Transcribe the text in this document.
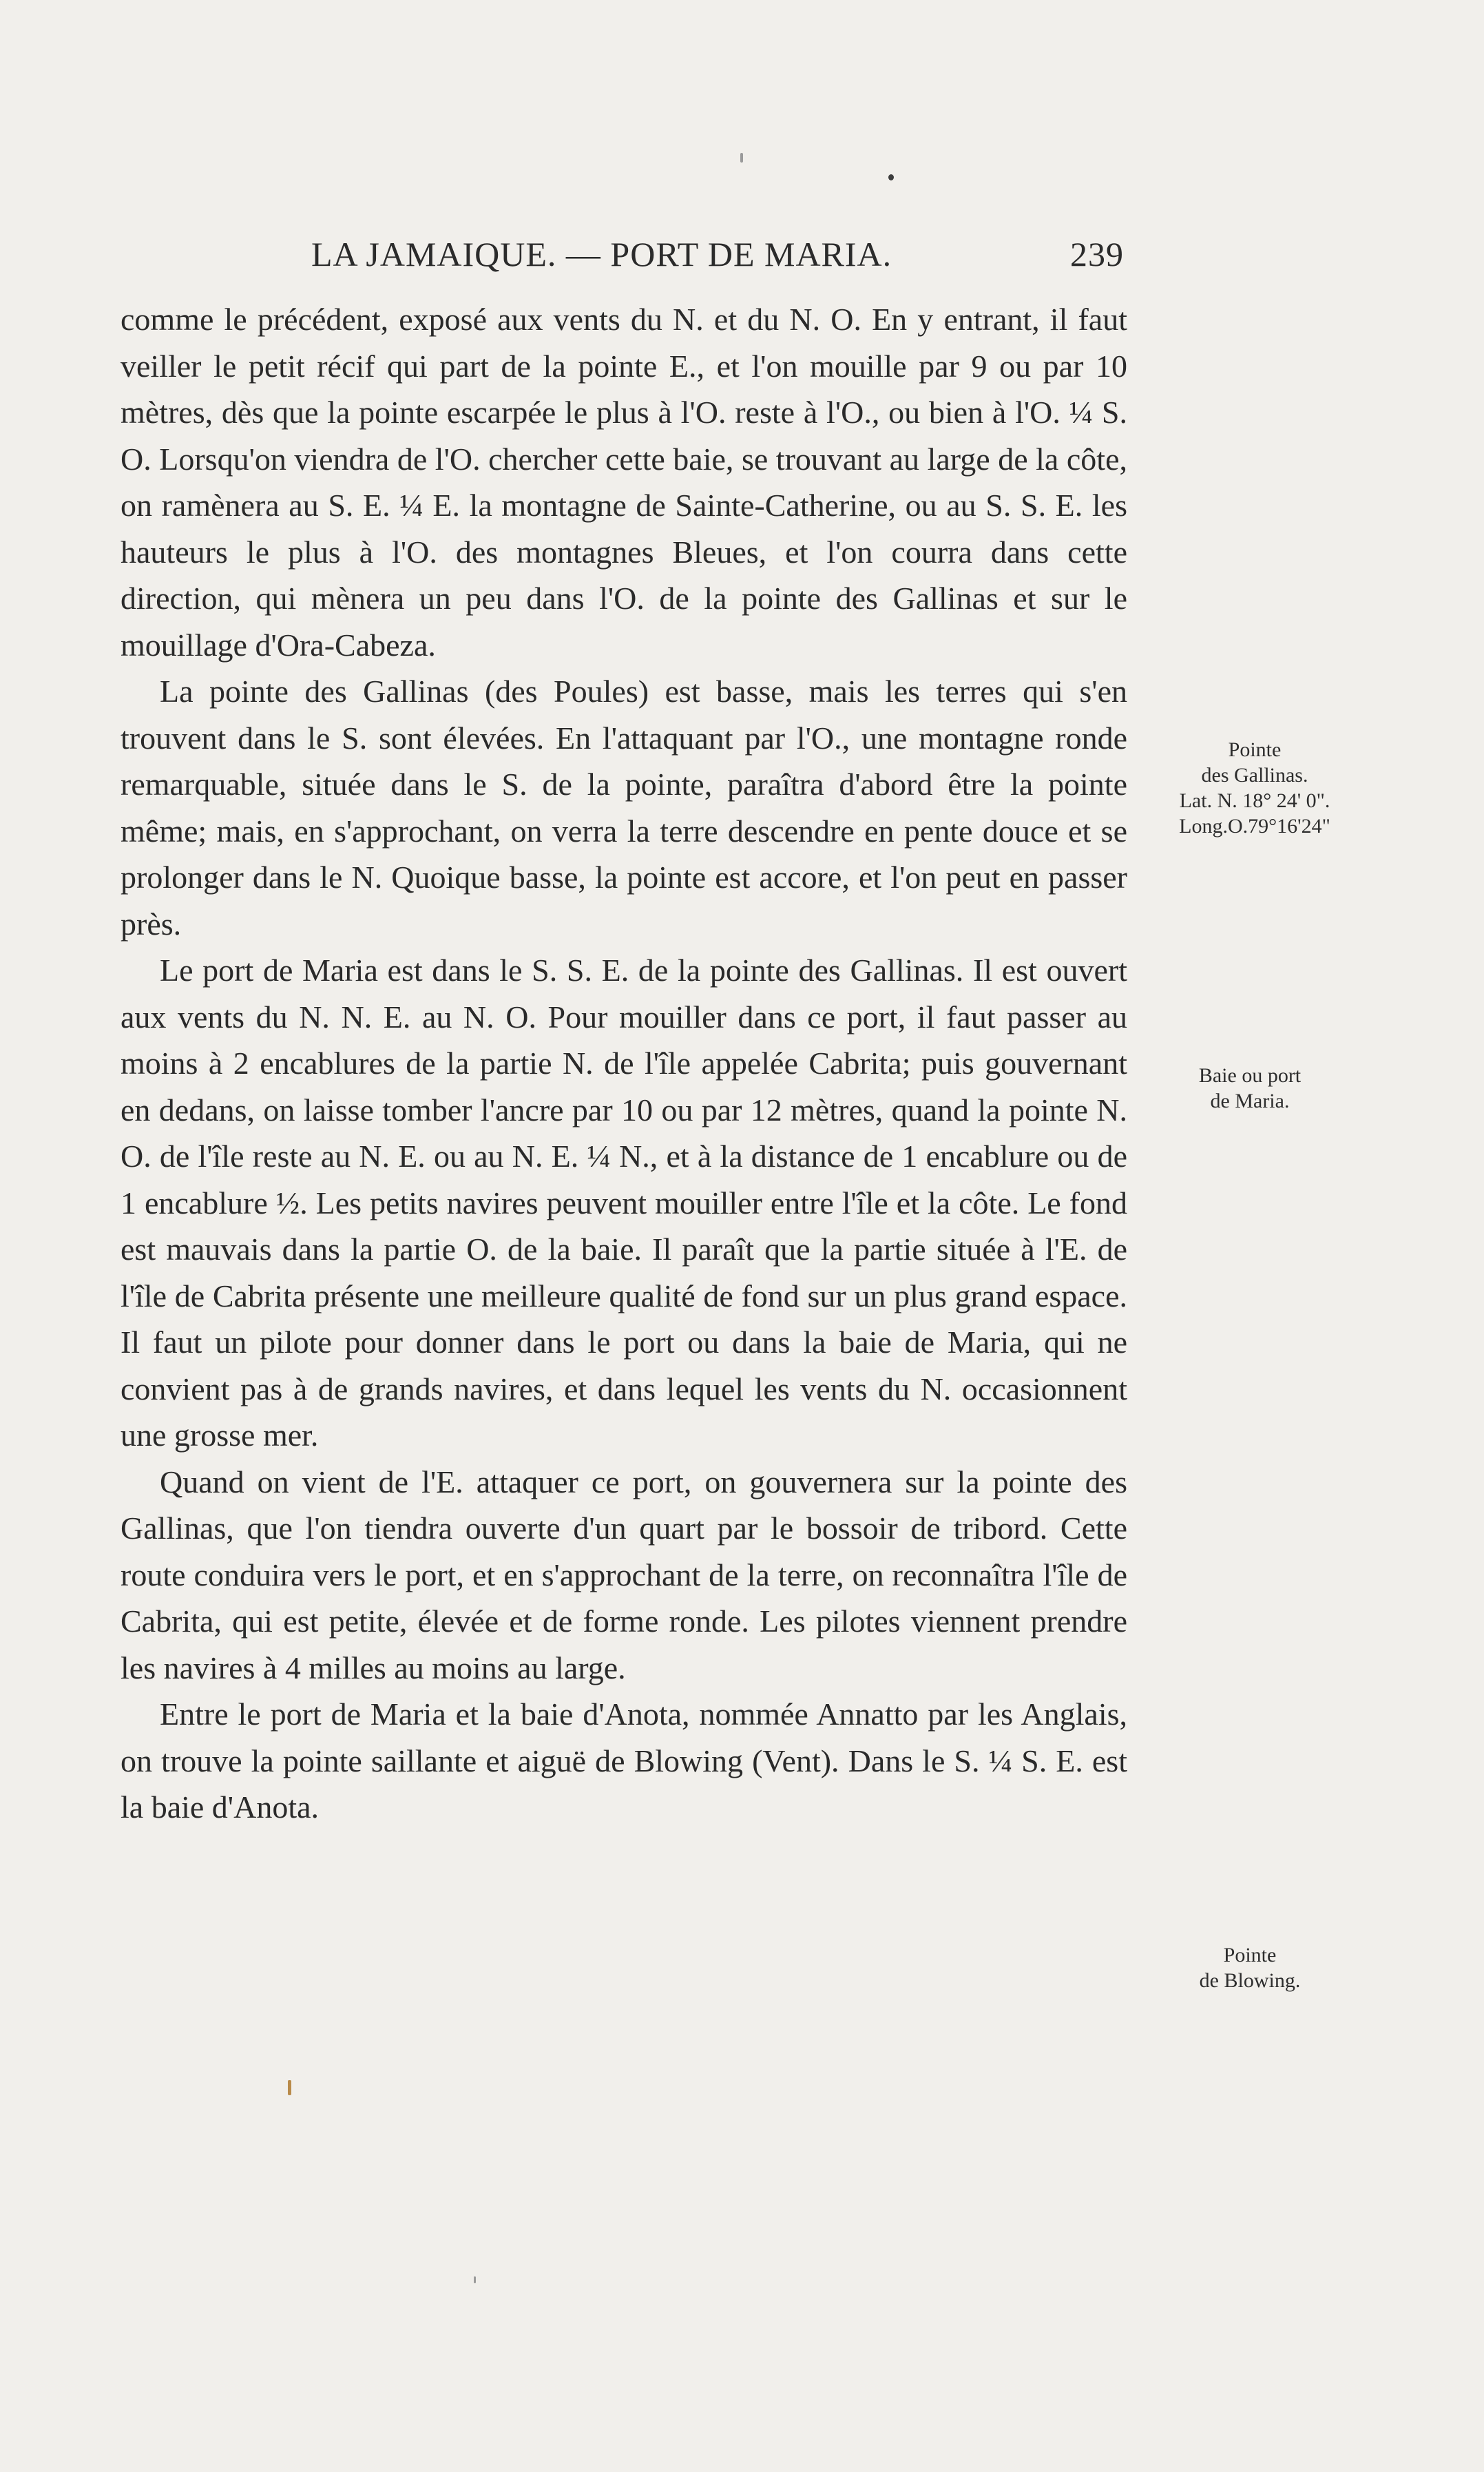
LA JAMAIQUE. — PORT DE MARIA.	239

comme le précédent, exposé aux vents du N. et du N. O. En y entrant, il faut veiller le petit récif qui part de la pointe E., et l'on mouille par 9 ou par 10 mètres, dès que la pointe escarpée le plus à l'O. reste à l'O., ou bien à l'O. ¼ S. O. Lorsqu'on viendra de l'O. chercher cette baie, se trouvant au large de la côte, on ramènera au S. E. ¼ E. la montagne de Sainte-Catherine, ou au S. S. E. les hauteurs le plus à l'O. des montagnes Bleues, et l'on courra dans cette direction, qui mènera un peu dans l'O. de la pointe des Gallinas et sur le mouillage d'Ora-Cabeza.

La pointe des Gallinas (des Poules) est basse, mais les terres qui s'en trouvent dans le S. sont élevées. En l'attaquant par l'O., une montagne ronde remarquable, située dans le S. de la pointe, paraîtra d'abord être la pointe même; mais, en s'approchant, on verra la terre descendre en pente douce et se prolonger dans le N. Quoique basse, la pointe est accore, et l'on peut en passer près.

Le port de Maria est dans le S. S. E. de la pointe des Gallinas. Il est ouvert aux vents du N. N. E. au N. O. Pour mouiller dans ce port, il faut passer au moins à 2 encablures de la partie N. de l'île appelée Cabrita; puis gouvernant en dedans, on laisse tomber l'ancre par 10 ou par 12 mètres, quand la pointe N. O. de l'île reste au N. E. ou au N. E. ¼ N., et à la distance de 1 encablure ou de 1 encablure ½. Les petits navires peuvent mouiller entre l'île et la côte. Le fond est mauvais dans la partie O. de la baie. Il paraît que la partie située à l'E. de l'île de Cabrita présente une meilleure qualité de fond sur un plus grand espace. Il faut un pilote pour donner dans le port ou dans la baie de Maria, qui ne convient pas à de grands navires, et dans lequel les vents du N. occasionnent une grosse mer.

Quand on vient de l'E. attaquer ce port, on gouvernera sur la pointe des Gallinas, que l'on tiendra ouverte d'un quart par le bossoir de tribord. Cette route conduira vers le port, et en s'approchant de la terre, on reconnaîtra l'île de Cabrita, qui est petite, élevée et de forme ronde. Les pilotes viennent prendre les navires à 4 milles au moins au large.

Entre le port de Maria et la baie d'Anota, nommée Annatto par les Anglais, on trouve la pointe saillante et aiguë de Blowing (Vent). Dans le S. ¼ S. E. est la baie d'Anota.

Pointe
des Gallinas.
Lat. N. 18° 24' 0".
Long.O.79°16'24"
Baie ou port
de Maria.
Pointe
de Blowing.
